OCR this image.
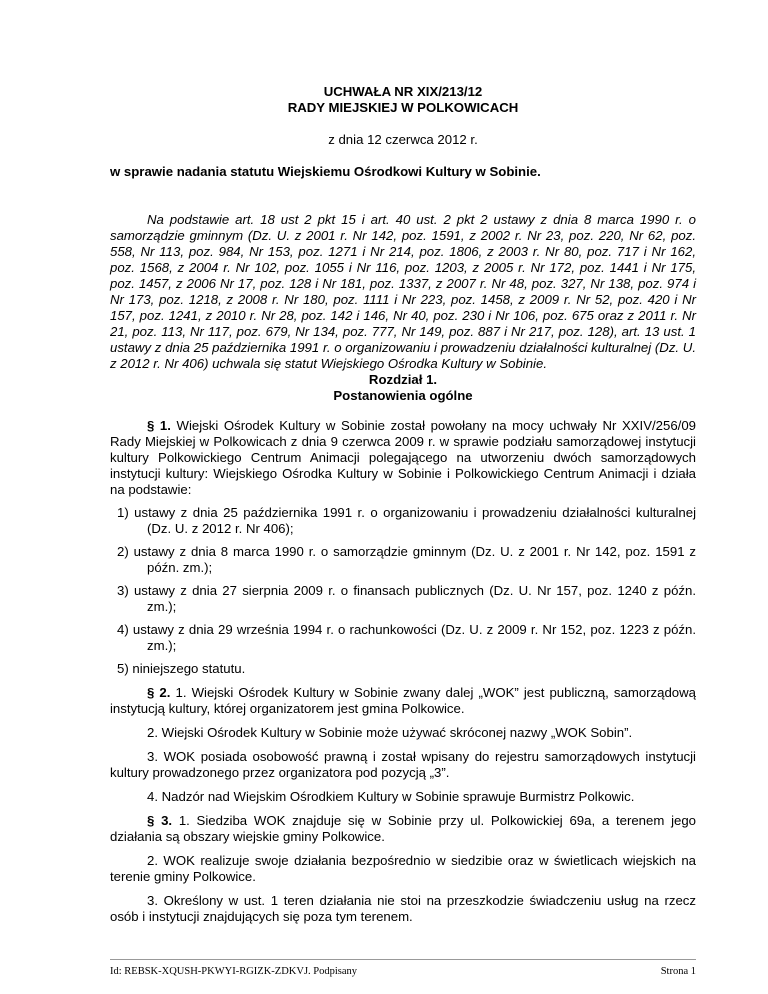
UCHWAŁA NR XIX/213/12

RADY MIEJSKIEJ W POLKOWICACH

z dnia 12 czerwca 2012 r.

w sprawie nadania statutu Wiejskiemu Ośrodkowi Kultury w Sobinie.

Na podstawie art. 18 ust 2 pkt 15 i art. 40 ust. 2 pkt 2 ustawy z dnia 8 marca 1990 r. o samorządzie gminnym (Dz. U. z 2001 r. Nr 142, poz. 1591, z 2002 r. Nr 23, poz. 220, Nr 62, poz. 558, Nr 113, poz. 984, Nr 153, poz. 1271 i Nr 214, poz. 1806, z 2003 r. Nr 80, poz. 717 i Nr 162, poz. 1568, z 2004 r. Nr 102, poz. 1055 i Nr 116, poz. 1203, z 2005 r. Nr 172, poz. 1441 i Nr 175, poz. 1457, z 2006 Nr 17, poz. 128 i Nr 181, poz. 1337, z 2007 r. Nr 48, poz. 327, Nr 138, poz. 974 i Nr 173, poz. 1218, z 2008 r. Nr 180, poz. 1111 i Nr 223, poz. 1458, z 2009 r. Nr 52, poz. 420 i Nr 157, poz. 1241, z 2010 r. Nr 28, poz. 142 i 146, Nr 40, poz. 230 i Nr 106, poz. 675 oraz z 2011 r. Nr 21, poz. 113, Nr 117, poz. 679, Nr 134, poz. 777, Nr 149, poz. 887 i Nr 217, poz. 128), art. 13 ust. 1 ustawy z dnia 25 października 1991 r. o organizowaniu i prowadzeniu działalności kulturalnej (Dz. U. z 2012 r. Nr 406) uchwala się statut Wiejskiego Ośrodka Kultury w Sobinie.

Rozdział 1.

Postanowienia ogólne

§ 1. Wiejski Ośrodek Kultury w Sobinie został powołany na mocy uchwały Nr XXIV/256/09 Rady Miejskiej w Polkowicach z dnia 9 czerwca 2009 r. w sprawie podziału samorządowej instytucji kultury Polkowickiego Centrum Animacji polegającego na utworzeniu dwóch samorządowych instytucji kultury: Wiejskiego Ośrodka Kultury w Sobinie i Polkowickiego Centrum Animacji i działa na podstawie:

1) ustawy z dnia 25 października 1991 r. o organizowaniu i prowadzeniu działalności kulturalnej (Dz. U. z 2012 r. Nr 406);

2) ustawy z dnia 8 marca 1990 r. o samorządzie gminnym (Dz. U. z 2001 r. Nr 142, poz. 1591 z późn. zm.);

3) ustawy z dnia 27 sierpnia 2009 r. o finansach publicznych (Dz. U. Nr 157, poz. 1240 z późn. zm.);

4) ustawy z dnia 29 września 1994 r. o rachunkowości (Dz. U. z 2009 r. Nr 152, poz. 1223 z późn. zm.);

5) niniejszego statutu.

§ 2. 1. Wiejski Ośrodek Kultury w Sobinie zwany dalej „WOK” jest publiczną, samorządową instytucją kultury, której organizatorem jest gmina Polkowice.

2. Wiejski Ośrodek Kultury w Sobinie może używać skróconej nazwy „WOK Sobin”.

3. WOK posiada osobowość prawną i został wpisany do rejestru samorządowych instytucji kultury prowadzonego przez organizatora pod pozycją „3”.

4. Nadzór nad Wiejskim Ośrodkiem Kultury w Sobinie sprawuje Burmistrz Polkowic.

§ 3. 1. Siedziba WOK znajduje się w Sobinie przy ul. Polkowickiej 69a, a terenem jego działania są obszary wiejskie gminy Polkowice.

2. WOK realizuje swoje działania bezpośrednio w siedzibie oraz w świetlicach wiejskich na terenie gminy Polkowice.

3. Określony w ust. 1 teren działania nie stoi na przeszkodzie świadczeniu usług na rzecz osób i instytucji znajdujących się poza tym terenem.

Id: REBSK-XQUSH-PKWYI-RGIZK-ZDKVJ. Podpisany	Strona 1
